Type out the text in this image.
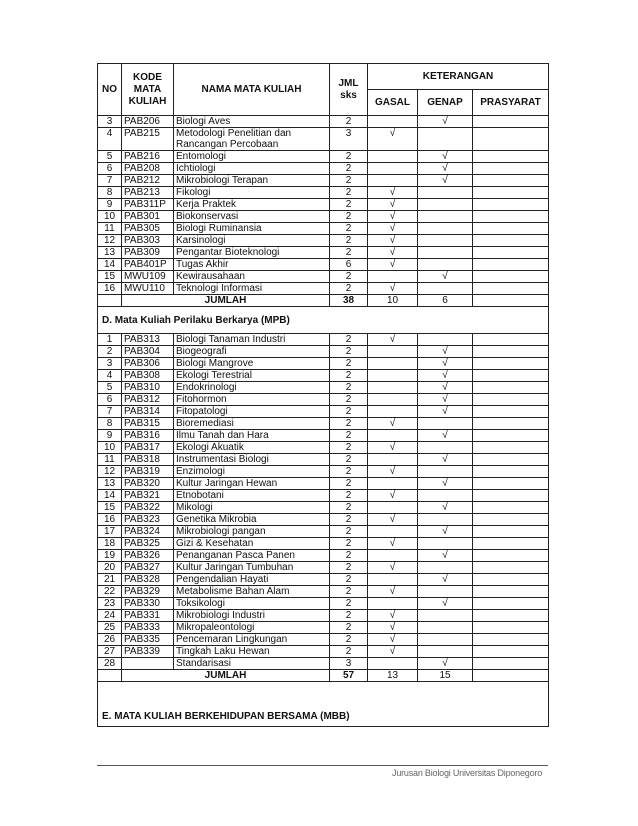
NO	KODE MATA KULIAH	NAMA MATA KULIAH	JML sks	KETERANGAN		
				GASAL	GENAP	PRASYARAT
3	PAB206	Biologi Aves	2		√	
4	PAB215	Metodologi Penelitian dan Rancangan Percobaan	3	√		
5	PAB216	Entomologi	2		√	
6	PAB208	Ichtiologi	2		√	
7	PAB212	Mikrobiologi Terapan	2		√	
8	PAB213	Fikologi	2	√		
9	PAB311P	Kerja Praktek	2	√		
10	PAB301	Biokonservasi	2	√		
11	PAB305	Biologi Ruminansia	2	√		
12	PAB303	Karsinologi	2	√		
13	PAB309	Pengantar Bioteknologi	2	√		
14	PAB401P	Tugas Akhir	6	√		
15	MWU109	Kewirausahaan	2		√	
16	MWU110	Teknologi Informasi	2	√		
	JUMLAH		38	10	6	
D. Mata Kuliah Perilaku Berkarya (MPB)						
1	PAB313	Biologi Tanaman Industri	2	√		
2	PAB304	Biogeografi	2		√	
3	PAB306	Biologi Mangrove	2		√	
4	PAB308	Ekologi Terestrial	2		√	
5	PAB310	Endokrinologi	2		√	
6	PAB312	Fitohormon	2		√	
7	PAB314	Fitopatologi	2		√	
8	PAB315	Bioremediasi	2	√		
9	PAB316	Ilmu Tanah dan Hara	2		√	
10	PAB317	Ekologi Akuatik	2	√		
11	PAB318	Instrumentasi Biologi	2		√	
12	PAB319	Enzimologi	2	√		
13	PAB320	Kultur Jaringan Hewan	2		√	
14	PAB321	Etnobotani	2	√		
15	PAB322	Mikologi	2		√	
16	PAB323	Genetika Mikrobia	2	√		
17	PAB324	Mikrobiologi pangan	2		√	
18	PAB325	Gizi & Kesehatan	2	√		
19	PAB326	Penanganan Pasca Panen	2		√	
20	PAB327	Kultur Jaringan Tumbuhan	2	√		
21	PAB328	Pengendalian Hayati	2		√	
22	PAB329	Metabolisme Bahan Alam	2	√		
23	PAB330	Toksikologi	2		√	
24	PAB331	Mikrobiologi Industri	2	√		
25	PAB333	Mikropaleontologi	2	√		
26	PAB335	Pencemaran Lingkungan	2	√		
27	PAB339	Tingkah Laku Hewan	2	√		
28		Standarisasi	3		√	
	JUMLAH		57	13	15	

E. MATA KULIAH BERKEHIDUPAN BERSAMA (MBB)						
Jurusan Biologi Universitas Diponegoro
